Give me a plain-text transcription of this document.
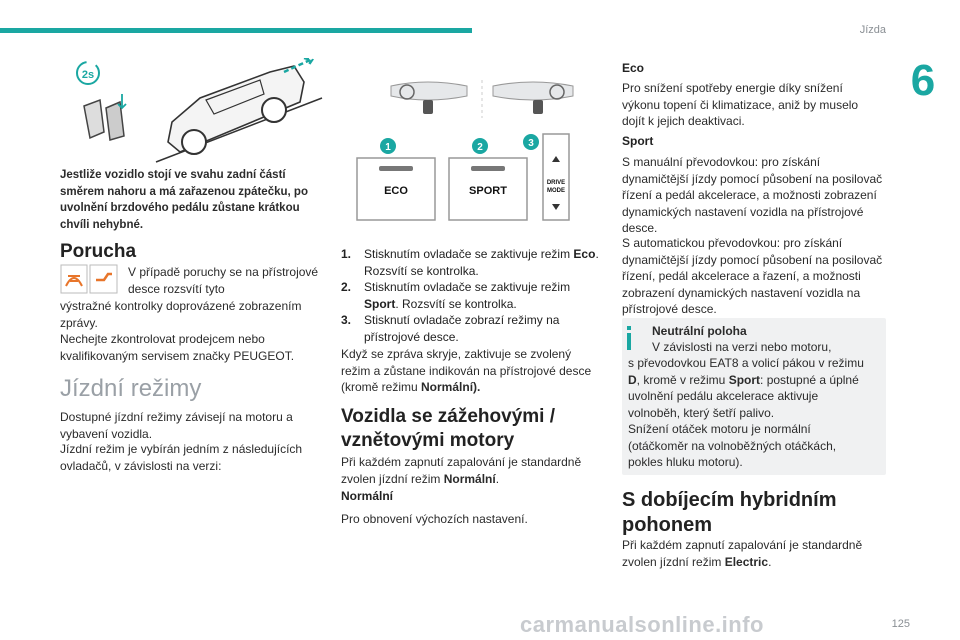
Jízda
6
2s

Jestliže vozidlo stojí ve svahu zadní částí směrem nahoru a má zařazenou zpátečku, po uvolnění brzdového pedálu zůstane krátkou chvíli nehybné.

Porucha

V případě poruchy se na přístrojové desce rozsvítí tyto

výstražné kontrolky doprovázené zobrazením zprávy.

Nechejte zkontrolovat prodejcem nebo kvalifikovaným servisem značky PEUGEOT.

Jízdní režimy

Dostupné jízdní režimy závisejí na motoru a vybavení vozidla.

Jízdní režim je vybírán jedním z následujících ovladačů, v závislosti na verzi:

1	2	3
ECO	SPORT
DRIVE
MODE
1. Stisknutím ovladače se zaktivuje režim Eco. Rozsvítí se kontrolka.
2. Stisknutím ovladače se zaktivuje režim Sport. Rozsvítí se kontrolka.
3. Stisknutí ovladače zobrazí režimy na přístrojové desce.

Když se zpráva skryje, zaktivuje se zvolený režim a zůstane indikován na přístrojové desce (kromě režimu Normální).

Vozidla se zážehovými / vznětovými motory

Při každém zapnutí zapalování je standardně zvolen jízdní režim Normální.

Normální

Pro obnovení výchozích nastavení.

Eco

Pro snížení spotřeby energie díky snížení výkonu topení či klimatizace, aniž by muselo dojít k jejich deaktivaci.

Sport

S manuální převodovkou: pro získání dynamičtější jízdy pomocí působení na posilovač řízení a pedál akcelerace, a možnosti zobrazení dynamických nastavení vozidla na přístrojové desce.

S automatickou převodovkou: pro získání dynamičtější jízdy pomocí působení na posilovač řízení, pedál akcelerace a řazení, a možnosti zobrazení dynamických nastavení vozidla na přístrojové desce.

Neutrální poloha
V závislosti na verzi nebo motoru,
s převodovkou EAT8 a volicí pákou v režimu
D, kromě v režimu Sport: postupné a úplné
uvolnění pedálu akcelerace aktivuje
volnoběh, který šetří palivo.
Snížení otáček motoru je normální
(otáčkoměr na volnoběžných otáčkách,
pokles hluku motoru).
S dobíjecím hybridním pohonem

Při každém zapnutí zapalování je standardně zvolen jízdní režim Electric.

carmanualsonline.info	125
